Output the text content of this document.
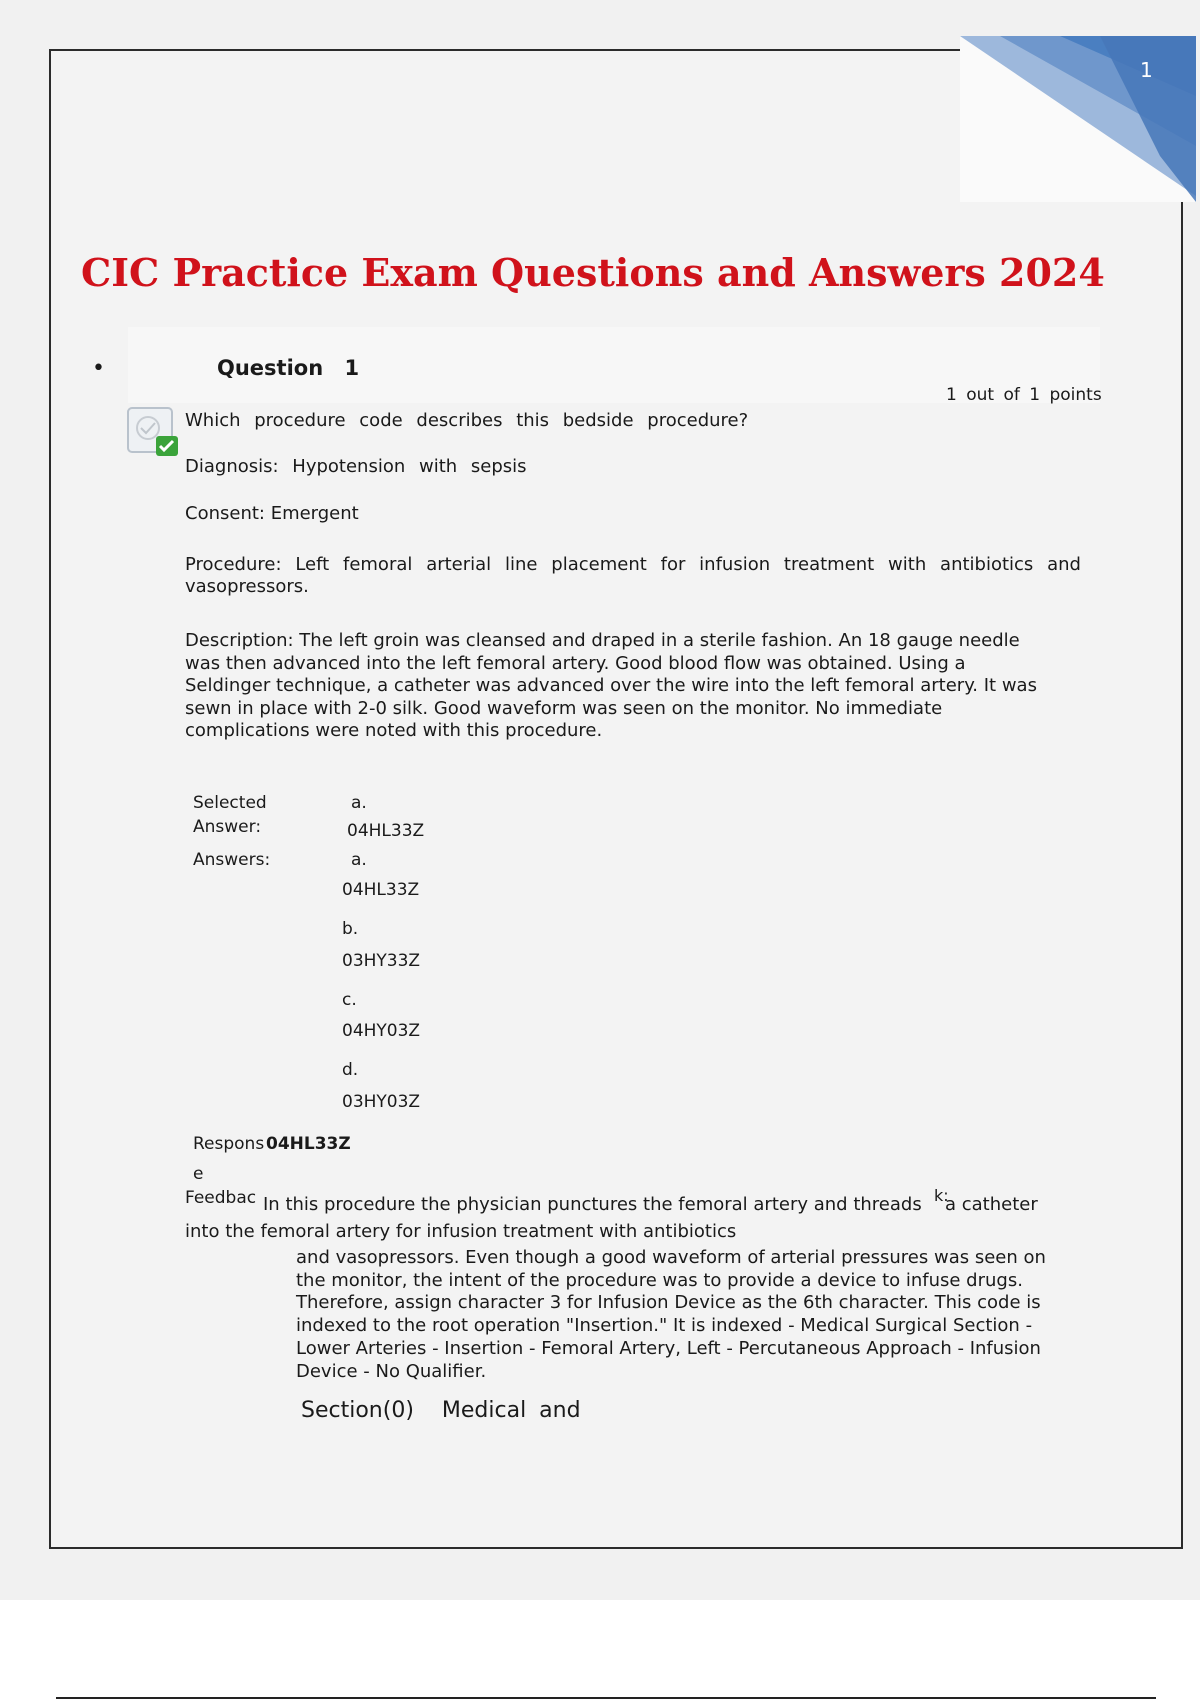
1
CIC Practice Exam Questions and Answers 2024
•	Question 1
1 out of 1 points
Which procedure code describes this bedside procedure?
Diagnosis: Hypotension with sepsis
Consent: Emergent
Procedure: Left femoral arterial line placement for infusion treatment with antibiotics and vasopressors.
Description: The left groin was cleansed and draped in a sterile fashion. An 18 gauge needle was then advanced into the left femoral artery. Good blood flow was obtained. Using a Seldinger technique, a catheter was advanced over the wire into the left femoral artery. It was sewn in place with 2-0 silk. Good waveform was seen on the monitor. No immediate complications were noted with this procedure.
Selected
Answer:
a.
04HL33Z
Answers:	a.
04HL33Z
b.
03HY33Z
c.
04HY03Z
d.
03HY03Z
Respons 04HL33Z
e
Feedbac In this procedure the physician punctures the femoral artery and threads k:
a catheter
into the femoral artery for infusion treatment with antibiotics
and vasopressors. Even though a good waveform of arterial pressures was seen on the monitor, the intent of the procedure was to provide a device to infuse drugs. Therefore, assign character 3 for Infusion Device as the 6th character. This code is indexed to the root operation "Insertion." It is indexed - Medical Surgical Section - Lower Arteries - Insertion - Femoral Artery, Left - Percutaneous Approach - Infusion Device - No Qualifier.
Section(0) Medical and
